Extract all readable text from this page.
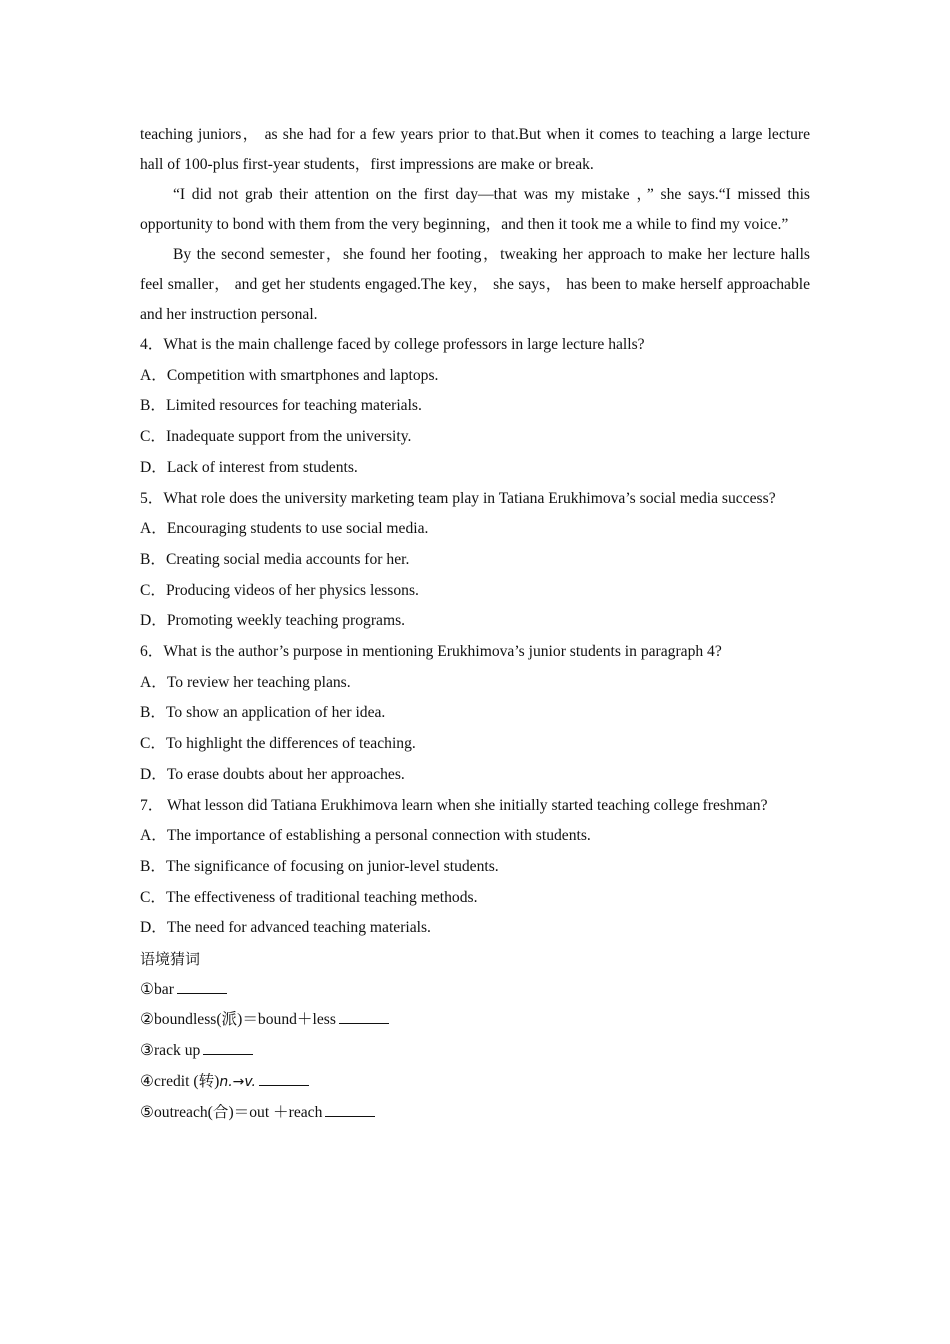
teaching juniors， as she had for a few years prior to that.But when it comes to teaching a large lecture hall of 100-plus first-year students，first impressions are make or break.

“I did not grab their attention on the first day—that was my mistake ，” she says.“I missed this opportunity to bond with them from the very beginning，and then it took me a while to find my voice.”

By the second semester，she found her footing，tweaking her approach to make her lecture halls feel smaller， and get her students engaged.The key， she says， has been to make herself approachable and her instruction personal.

4．What is the main challenge faced by college professors in large lecture halls?

A．Competition with smartphones and laptops.

B．Limited resources for teaching materials.

C．Inadequate support from the university.

D．Lack of interest from students.

5．What role does the university marketing team play in Tatiana Erukhimova’s social media success?

A．Encouraging students to use social media.

B．Creating social media accounts for her.

C．Producing videos of her physics lessons.

D．Promoting weekly teaching programs.

6．What is the author’s purpose in mentioning Erukhimova’s junior students in paragraph 4?

A．To review her teaching plans.

B．To show an application of her idea.

C．To highlight the differences of teaching.

D．To erase doubts about her approaches.

7． What lesson did Tatiana Erukhimova learn when she initially started teaching college freshman?

A．The importance of establishing a personal connection with students.

B．The significance of focusing on junior-level students.

C．The effectiveness of traditional teaching methods.

D．The need for advanced teaching materials.

语境猜词

①bar

②boundless(派)＝bound＋less

③rack up

④credit (转)n.→v.

⑤outreach(合)＝out ＋reach
